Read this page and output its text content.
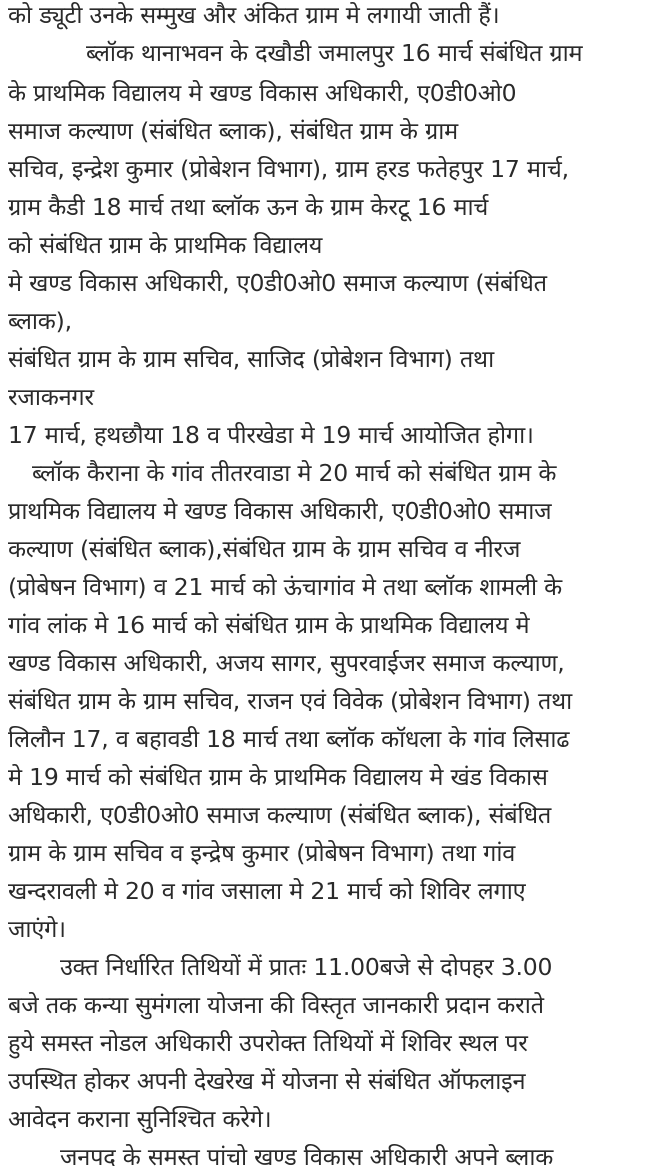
को ड्यूटी उनके सम्मुख और अंकित ग्राम मे लगायी जाती हैं।
ब्लॉक थानाभवन के दखौडी जमालपुर 16 मार्च संबंधित ग्राम
के प्राथमिक विद्यालय मे खण्ड विकास अधिकारी, ए0डी0ओ0
समाज कल्याण (संबंधित ब्लाक), संबंधित ग्राम के ग्राम
सचिव, इन्द्रेश कुमार (प्रोबेशन विभाग), ग्राम हरड फतेहपुर 17 मार्च,
ग्राम कैडी 18 मार्च तथा ब्लॉक ऊन के ग्राम केरटू 16 मार्च
को संबंधित ग्राम के प्राथमिक विद्यालय
मे खण्ड विकास अधिकारी, ए0डी0ओ0 समाज कल्याण (संबंधित
ब्लाक),
संबंधित ग्राम के ग्राम सचिव, साजिद (प्रोबेशन विभाग) तथा
रजाकनगर
17 मार्च, हथछौया 18 व पीरखेडा मे 19 मार्च आयोजित होगा।
ब्लॉक कैराना के गांव तीतरवाडा मे 20 मार्च को संबंधित ग्राम के
प्राथमिक विद्यालय मे खण्ड विकास अधिकारी, ए0डी0ओ0 समाज
कल्याण (संबंधित ब्लाक),संबंधित ग्राम के ग्राम सचिव व नीरज
(प्रोबेषन विभाग) व 21 मार्च को ऊंचागांव मे तथा ब्लॉक शामली के
गांव लांक मे 16 मार्च को संबंधित ग्राम के प्राथमिक विद्यालय मे
खण्ड विकास अधिकारी, अजय सागर, सुपरवाईजर समाज कल्याण,
संबंधित ग्राम के ग्राम सचिव, राजन एवं विवेक (प्रोबेशन विभाग) तथा
लिलौन 17, व बहावडी 18 मार्च तथा ब्लॉक कॉधला के गांव लिसाढ
मे 19 मार्च को संबंधित ग्राम के प्राथमिक विद्यालय मे खंड विकास
अधिकारी, ए0डी0ओ0 समाज कल्याण (संबंधित ब्लाक), संबंधित
ग्राम के ग्राम सचिव व इन्द्रेष कुमार (प्रोबेषन विभाग) तथा गांव
खन्दरावली मे 20 व गांव जसाला मे 21 मार्च को शिविर लगाए
जाएंगे।
उक्त निर्धारित तिथियों में प्रातः 11.00बजे से दोपहर 3.00
बजे तक कन्या सुमंगला योजना की विस्तृत जानकारी प्रदान कराते
हुये समस्त नोडल अधिकारी उपरोक्त तिथियों में शिविर स्थल पर
उपस्थित होकर अपनी देखरेख में योजना से संबंधित ऑफलाइन
आवेदन कराना सुनिश्चित करेगे।
जनपद के समस्त पांचो खण्ड विकास अधिकारी अपने ब्लाक
